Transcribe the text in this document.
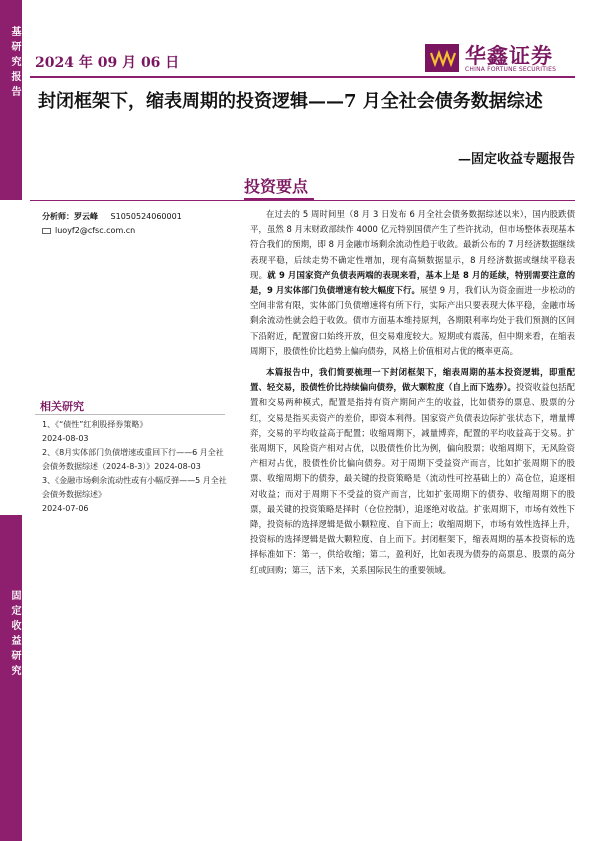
基研究报告
固定收益研究
2024 年 09 月 06 日	华鑫证券
CHINA FORTUNE SECURITIES
封闭框架下，缩表周期的投资逻辑——7 月全社会债务数据综述
—固定收益专题报告
投资要点
分析师：罗云峰 S1050524060001
luoyf2@cfsc.com.cn
相关研究
1、《“债性”红利股择券策略》
2024-08-03
2、《8月实体部门负债增速或重回下行——6 月全社会债务数据综述（2024-8-3）》2024-08-03
3、《金融市场剩余流动性或有小幅反弹——5 月全社会债务数据综述》
2024-07-06

在过去的 5 周时间里（8 月 3 日发布 6 月全社会债务数据综述以来），国内股跌债平，虽然 8 月末财政部续作 4000 亿元特别国债产生了些许扰动，但市场整体表现基本符合我们的预期，即 8 月金融市场剩余流动性趋于收敛。最新公布的 7 月经济数据继续表现平稳，后续走势不确定性增加，现有高频数据显示，8 月经济数据或继续平稳表现。就 9 月国家资产负债表两端的表现来看，基本上是 8 月的延续，特别需要注意的是，9 月实体部门负债增速有较大幅度下行。展望 9 月，我们认为资金面进一步松动的空间非常有限，实体部门负债增速将有所下行，实际产出只要表现大体平稳，金融市场剩余流动性就会趋于收敛。债市方面基本维持原判，各期限利率均处于我们预测的区间下沿附近，配置窗口始终开放，但交易难度较大。短期或有震荡，但中期来看，在缩表周期下，股债性价比趋势上偏向债券，风格上价值相对占优的概率更高。

本篇报告中，我们简要梳理一下封闭框架下，缩表周期的基本投资逻辑，即重配置、轻交易，股债性价比持续偏向债券，做大颗粒度（自上而下选券）。投资收益包括配置和交易两种模式，配置是指持有资产期间产生的收益，比如债券的票息、股票的分红，交易是指买卖资产的差价，即资本利得。国家资产负债表边际扩张状态下，增量博弈，交易的平均收益高于配置；收缩周期下，减量博弈，配置的平均收益高于交易。扩张周期下，风险资产相对占优，以股债性价比为例，偏向股票；收缩周期下，无风险资产相对占优，股债性价比偏向债券。对于周期下受益资产而言，比如扩张周期下的股票、收缩周期下的债券，最关键的投资策略是（流动性可控基础上的）高仓位，追逐相对收益；而对于周期下不受益的资产而言，比如扩张周期下的债券、收缩周期下的股票，最关键的投资策略是择时（仓位控制），追逐绝对收益。扩张周期下，市场有效性下降，投资标的选择逻辑是做小颗粒度、自下而上；收缩周期下，市场有效性选择上升，投资标的选择逻辑是做大颗粒度、自上而下。封闭框架下，缩表周期的基本投资标的选择标准如下：第一，供给收缩；第二，盈利好，比如表现为债券的高票息、股票的高分红或回购；第三，活下来，关系国际民生的重要领域。
